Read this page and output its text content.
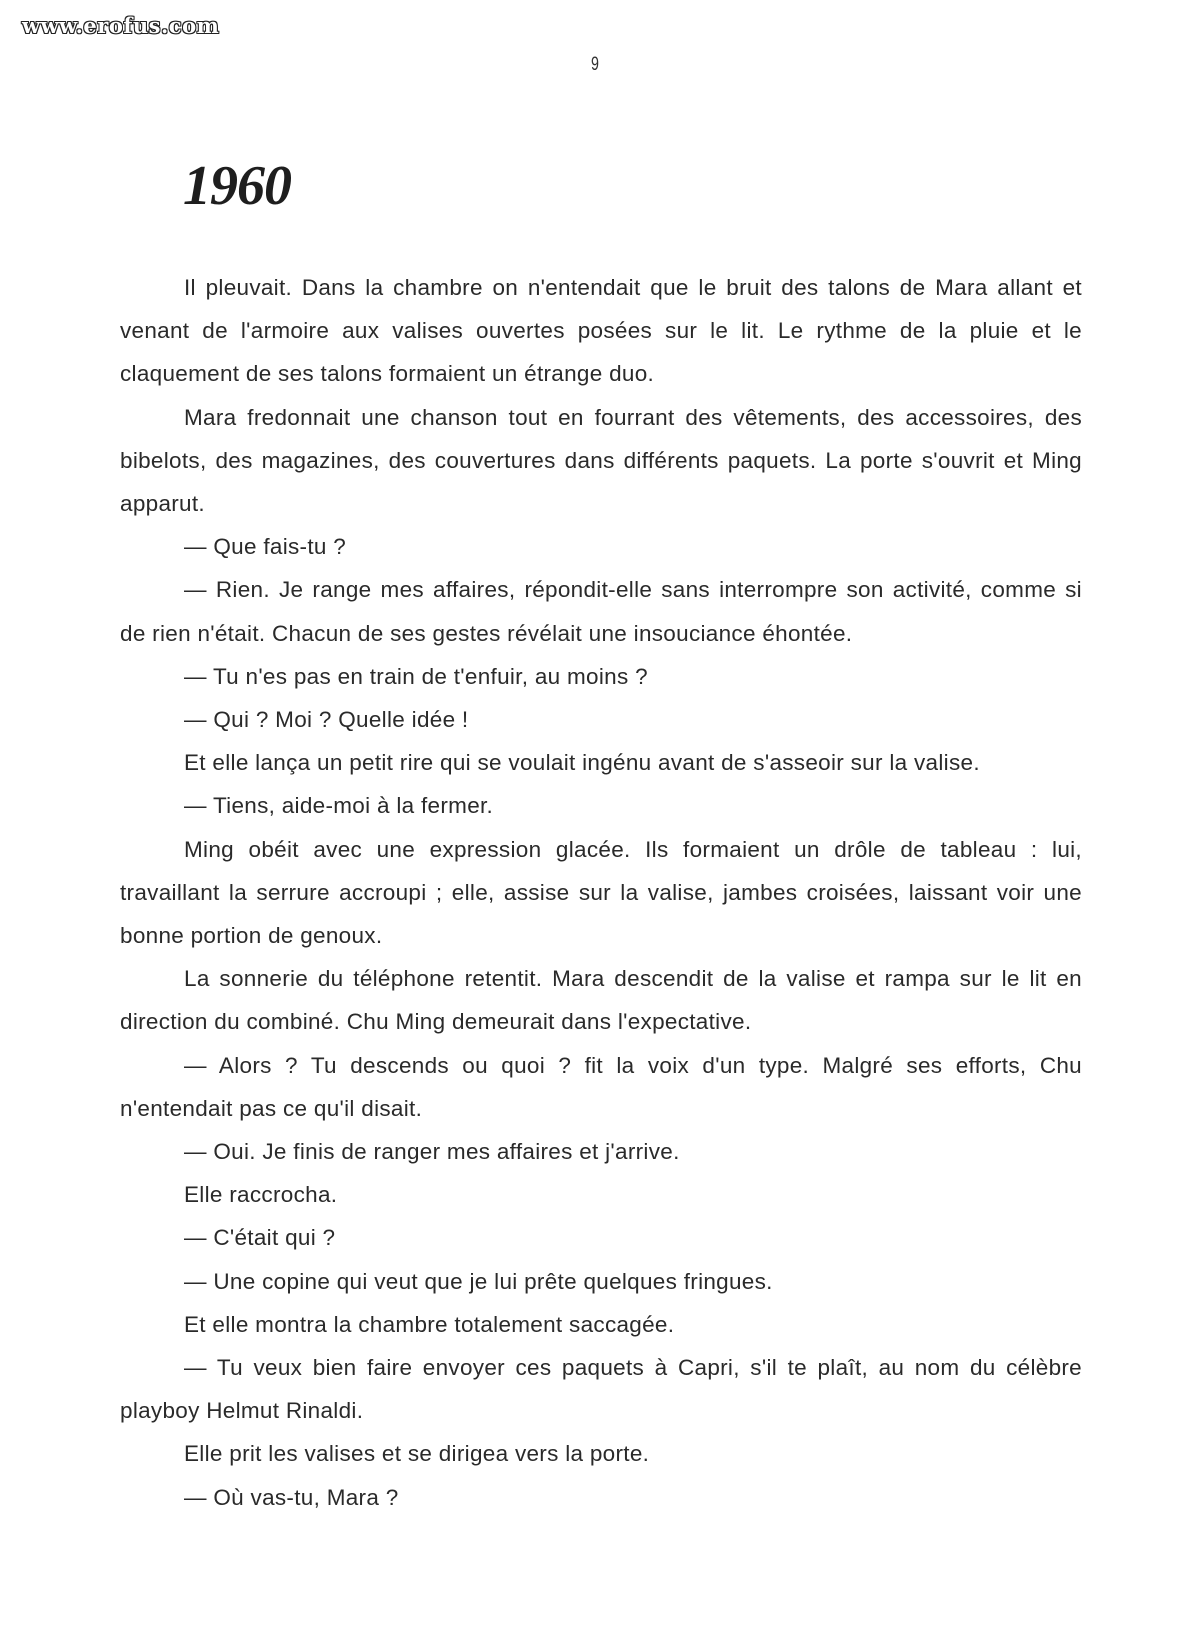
www.erofus.com
9
1960

Il pleuvait. Dans la chambre on n'entendait que le bruit des talons de Mara allant et venant de l'armoire aux valises ouvertes posées sur le lit. Le rythme de la pluie et le claquement de ses talons formaient un étrange duo.

Mara fredonnait une chanson tout en fourrant des vêtements, des accessoires, des bibelots, des magazines, des couvertures dans différents paquets. La porte s'ouvrit et Ming apparut.

— Que fais-tu ?

— Rien. Je range mes affaires, répondit-elle sans interrompre son activité, comme si de rien n'était. Chacun de ses gestes révélait une insouciance éhontée.

— Tu n'es pas en train de t'enfuir, au moins ?

— Qui ? Moi ? Quelle idée !

Et elle lança un petit rire qui se voulait ingénu avant de s'asseoir sur la valise.

— Tiens, aide-moi à la fermer.

Ming obéit avec une expression glacée. Ils formaient un drôle de tableau : lui, travaillant la serrure accroupi ; elle, assise sur la valise, jambes croisées, laissant voir une bonne portion de genoux.

La sonnerie du téléphone retentit. Mara descendit de la valise et rampa sur le lit en direction du combiné. Chu Ming demeurait dans l'expectative.

— Alors ? Tu descends ou quoi ? fit la voix d'un type. Malgré ses efforts, Chu n'entendait pas ce qu'il disait.

— Oui. Je finis de ranger mes affaires et j'arrive.

Elle raccrocha.

— C'était qui ?

— Une copine qui veut que je lui prête quelques fringues.

Et elle montra la chambre totalement saccagée.

— Tu veux bien faire envoyer ces paquets à Capri, s'il te plaît, au nom du célèbre playboy Helmut Rinaldi.

Elle prit les valises et se dirigea vers la porte.

— Où vas-tu, Mara ?
